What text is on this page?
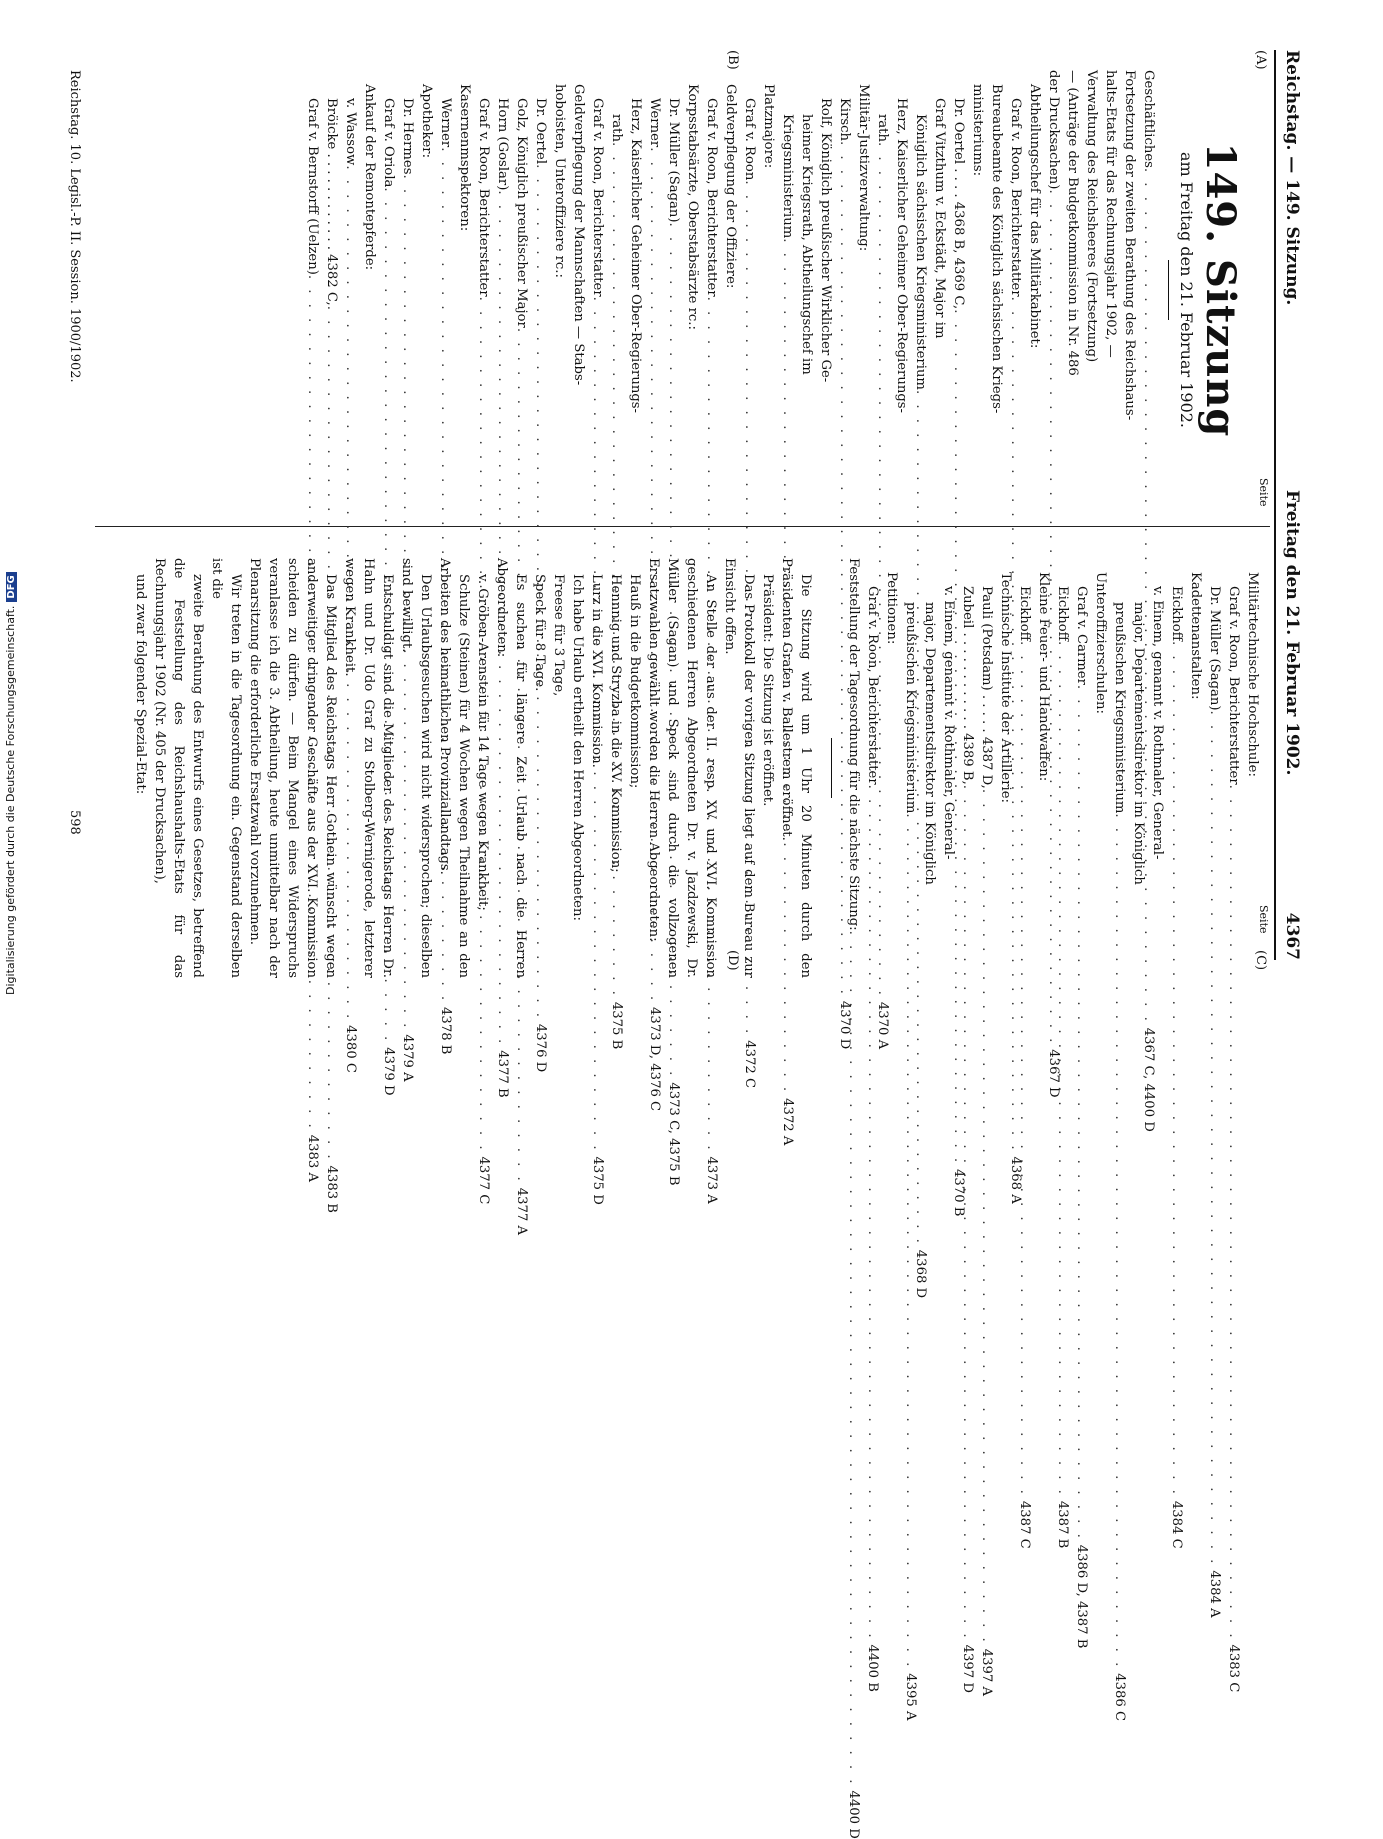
Reichstag. — 149. Sitzung.
Freitag den 21. Februar 1902.
4367
(A)
(B)
(C)
(D)
Seite
Seite
149. Sitzung
am Freitag den 21. Februar 1902.
Geschäftliches
. . .
4367 C, 4400 D
Fortsetzung der zweiten Berathung des Reichshaus-
halts-Etats für das Rechnungsjahr 1902, —
Verwaltung des Reichsheeres (Fortsetzung)
— (Anträge der Budgetkommission in Nr. 486
der Drucksachen)
. . .
4367 D
Abtheilungschef für das Militärkabinet:
Graf v. Roon, Berichterstatter
. . .
4368 A
Bureaubeamte des Königlich sächsischen Kriegs-
ministeriums:
Dr. Oertel . . . . 4368 B, 4369 C,
. . .
4370 B
Graf Vitzthum v. Eckstädt, Major im
Königlich sächsischen Kriegsministerium
. . .
4368 D
Herz, Kaiserlicher Geheimer Ober-Regierungs-
rath
. . .
4370 A
Militär-Justizverwaltung:
Kirsch
. . .
4370 D
Rolf, Königlich preußischer Wirklicher Ge-
heimer Kriegsrath, Abtheilungschef im
Kriegsministerium
. . .
4372 A
Platzmajore:
Graf v. Roon
. . .
4372 C
Geldverpflegung der Offiziere:
Graf v. Roon, Berichterstatter
. . .
4373 A
Korpsstabsärzte, Oberstabsärzte rc.:
Dr. Müller (Sagan)
. . .
4373 C, 4375 B
Werner
. . .
4373 D, 4376 C
Herz, Kaiserlicher Geheimer Ober-Regierungs-
rath
. . .
4375 B
Graf v. Roon, Berichterstatter
. . .
4375 D
Geldverpflegung der Mannschaften — Stabs-
hoboisten, Unteroffiziere rc.:
Dr. Oertel
. . .
4376 D
Golz, Königlich preußischer Major
. . .
4377 A
Horn (Goslar)
. . .
4377 B
Graf v. Roon, Berichterstatter
. . .
4377 C
Kasernenmspektoren:
Werner
. . .
4378 B
Apotheker:
Dr. Hermes
. . .
4379 A
Graf v. Oriola
. . .
4379 D
Ankauf der Remontepferde:
v. Wassow
. . .
4380 C
Bröicke . . . . . . . . . . . . 4382 C,
. . .
4383 B
Graf v. Bernstorff (Uelzen)
. . .
4383 A
Militärtechnische Hochschule:
Graf v. Roon, Berichterstatter
. . .
4383 C
Dr. Müller (Sagan)
. . .
4384 A
Kadettenanstalten:
Eickhoff
. . .
4384 C
v. Einem, genannt v. Rothmaler, General-
major, Departementsdirektor im Königlich
preußischen Kriegsministerium
. . .
4386 C
Unteroffizierschulen:
Graf v. Carmer
. . .
4386 D, 4387 B
Eickhoff
. . .
4387 B
Kleine Feuer- und Handwaffen:
Eickhoff
. . .
4387 C
Technische Institute der Artillerie:
Pauli (Potsdam) . . . . . 4387 D,
. . .
4397 A
Zubeil . . . . . . . . . . . . 4389 B,
. . .
4397 D
v. Einem, genannt v. Rothmaler, General-
major, Departementsdirektor im Königlich
preußischen Kriegsministerium
. . .
4395 A
Petitionen:
Graf v. Roon, Berichterstatter
. . .
4400 B
Feststellung der Tagesordnung für die nächste Sitzung:
. . .
4400 D

Die Sitzung wird um 1 Uhr 20 Minuten durch den Präsidenten Grafen v. Ballestrem eröffnet.

Präsident: Die Sitzung ist eröffnet.

Das Protokoll der vorigen Sitzung liegt auf dem Bureau zur Einsicht offen.

An Stelle der aus der II. resp. XV. und XVI. Kommission geschiedenen Herren Abgeordneten Dr. v. Jazdzewski, Dr. Müller (Sagan) und Speck sind durch die vollzogenen Ersatzwahlen gewählt worden die Herren Abgeordneten:

Hauß in die Budgetkommission;

Hennnig und Stryzba in die XV. Kommission;

Lurz in die XVI. Kommission.

Ich habe Urlaub ertheilt den Herren Abgeordneten:

Freese für 3 Tage,

Speck für 8 Tage.

Es suchen für längere Zeit Urlaub nach die Herren Abgeordneten:

v. Gröben-Arenstein für 14 Tage wegen Krankheit;

Schulze (Steinen) für 4 Wochen wegen Theilnahme an den Arbeiten des heimathlichen Provinziallandtags.

Den Urlaubsgesuchen wird nicht widersprochen; dieselben sind bewilligt.

Entschuldigt sind die Mitglieder des Reichstags Herren Dr. Hahn und Dr. Udo Graf zu Stolberg-Wernigerode, letzterer wegen Krankheit.

Das Mitglied des Reichstags Herr Gothein wünscht wegen anderweitiger dringender Geschäfte aus der XVI. Kommission scheiden zu dürfen. — Beim Mangel eines Widerspruchs veranlasse ich die 3. Abtheilung, heute unmittelbar nach der Plenarsitzung die erforderliche Ersatzwahl vorzunehmen.

Wir treten in die Tagesordnung ein. Gegenstand derselben ist die

zweite Berathung des Entwurfs eines Gesetzes, betreffend die Feststellung des Reichshaushalts-Etats für das Rechnungsjahr 1902 (Nr. 405 der Drucksachen),

und zwar folgender Spezial-Etat:

Reichstag. 10. Legisl.-P. II. Session. 1900/1902.
598
Digitalisierung gefördert durch die Deutsche Forschungsgemeinschaft.DFG
